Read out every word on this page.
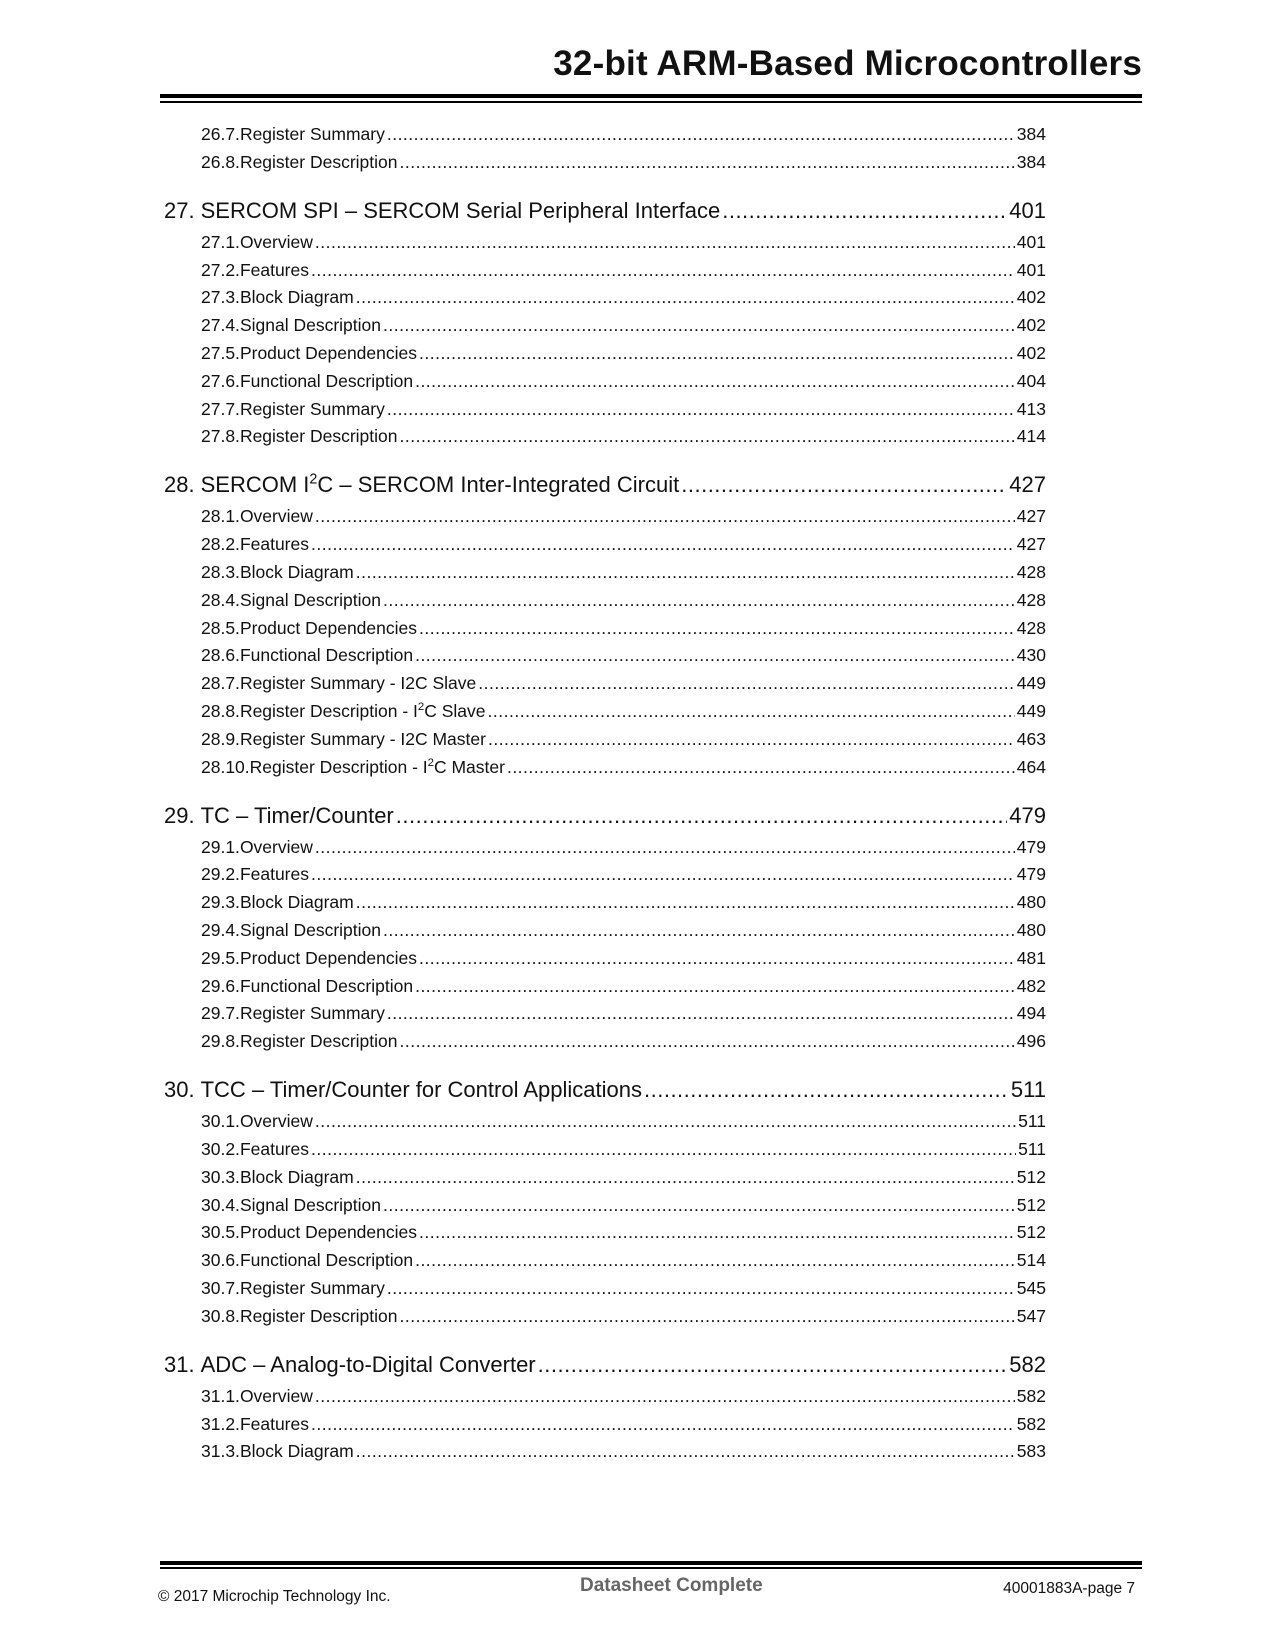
32-bit ARM-Based Microcontrollers
26.7. Register Summary .....	384
26.8. Register Description .....	384
27. SERCOM SPI – SERCOM Serial Peripheral Interface .....	401
27.1. Overview .....	401
27.2. Features .....	401
27.3. Block Diagram .....	402
27.4. Signal Description .....	402
27.5. Product Dependencies .....	402
27.6. Functional Description .....	404
27.7. Register Summary .....	413
27.8. Register Description .....	414
28. SERCOM $I^2C$ – SERCOM Inter-Integrated Circuit .....	427
28.1. Overview .....	427
28.2. Features .....	427
28.3. Block Diagram .....	428
28.4. Signal Description .....	428
28.5. Product Dependencies .....	428
28.6. Functional Description .....	430
28.7. Register Summary - I2C Slave .....	449
28.8. Register Description - $I^2C$ Slave .....	449
28.9. Register Summary - I2C Master .....	463
28.10. Register Description - $I^2C$ Master .....	464
29. TC – Timer/Counter .....	479
29.1. Overview .....	479
29.2. Features .....	479
29.3. Block Diagram .....	480
29.4. Signal Description .....	480
29.5. Product Dependencies .....	481
29.6. Functional Description .....	482
29.7. Register Summary .....	494
29.8. Register Description .....	496
30. TCC – Timer/Counter for Control Applications .....	511
30.1. Overview .....	511
30.2. Features .....	511
30.3. Block Diagram .....	512
30.4. Signal Description .....	512
30.5. Product Dependencies .....	512
30.6. Functional Description .....	514
30.7. Register Summary .....	545
30.8. Register Description .....	547
31. ADC – Analog-to-Digital Converter .....	582
31.1. Overview .....	582
31.2. Features .....	582
31.3. Block Diagram .....	583
© 2017 Microchip Technology Inc.
Datasheet Complete	40001883A-page 7
